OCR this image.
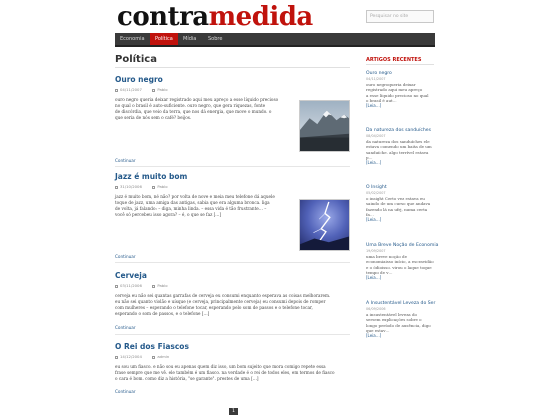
contramedida	Pesquisar no site
Economia	Política	Mídia	Sobre
Política
Ouro negro
04/11/2007	Pablo

ouro negro queria deixar registrado aqui meu apreço a esse líquido precioso

no qual o brasil é auto-suficiente. ouro negro, que gera riquezas, fonte

de discórdia, que veio da terra, que nos dá energia, que move o mundo. o

que seria de nós sem o café? beijos.

Continuar
Jazz é muito bom
31/10/2006	Pablo

jazz é muito bom, né não? por volta de nove e meia meu telefone dá aquele

toque de jazz, uma amiga das antigas, sabia que era alguma bronca. liga

de volta, já falando: – diga, minha linda. – essa vida é tão frustrante… –

você só percebeu isso agora? – é, o que se faz […]

Continuar
Cerveja
03/11/2006	Pablo

cerveja eu não sei quantas garrafas de cerveja eu consumi enquanto esperava as coisas melhorarem.

eu não sei quanto violão e uísque (e cerveja, principalmente cerveja) eu consumi depois de romper

com mulheres – esperando o telefone tocar, esperando pelo som de passos e o telefone tocar,

esperando o som de passos, e o telefone […]

Continuar
O Rei dos Fiascos
14/12/2004	admin

eu sou um fiasco. e não sou eu apenas quem diz isso, um bom sujeito que mora comigo repete essa

frase sempre que me vê. ele também é um fiasco. na verdade é o rei de todos eles, em termos de fiasco

o cara é bom. como diz a história, "se garante". prestes de uma […]

Continuar
ARTIGOS RECENTES
Ouro negro
04/11/2007

ouro negroqueria deixar

registrado aqui meu apreço

a esse líquido precioso no qual

o brasil é aut…

[Leia…]
Da natureza dos sanduíches
08/04/2007

da natureza dos sanduíches ele

estava comendo um baita de um

sanduíche. algo terrível estava

p…

[Leia…]
O Insight
05/02/2007

o insight Certo vez estava eu

saindo de um curso que andava

fazendo lá na ufrj, numa certa

fa…

[Leia…]
Uma Breve Noção de Economia
19/09/2007

uma breve noção de

economiaisso início, a escravidão

e o ódioisso. virou o laque toque

tempo de v…

[Leia…]
A Insustentável Leveza do Ser
06/09/2006

a insustentável leveza do

sersem explicações sobre o

longo período de ausência, digo

que estav…

[Leia…]
1
